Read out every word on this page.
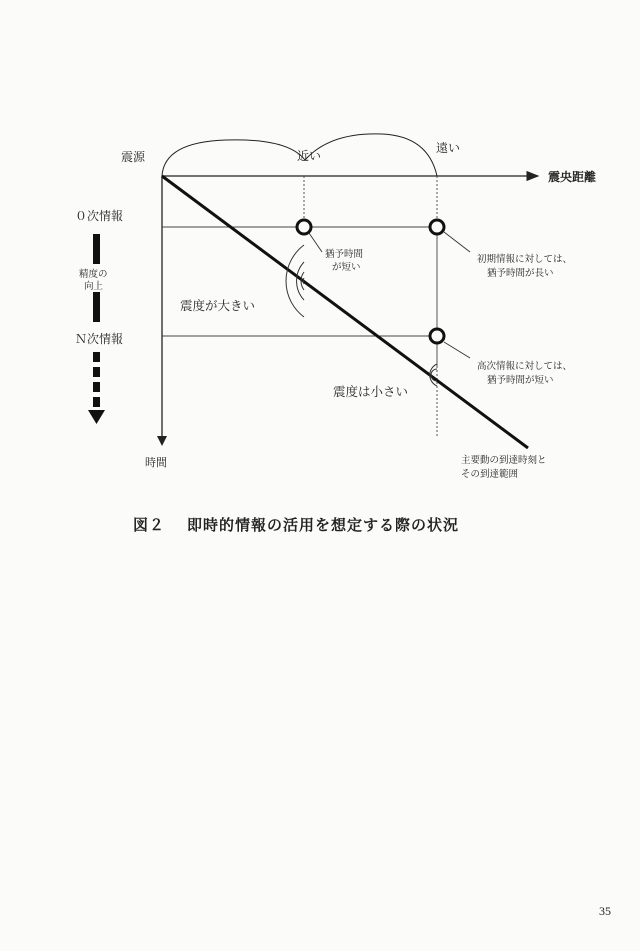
震源	近い
遠い
震央距離
時間
０次情報
精度の
向上
Ｎ次情報
猶予時間
が短い
震度が大きい
初期情報に対しては、
猶予時間が長い
高次情報に対しては、
猶予時間が短い
震度は小さい
主要動の到達時刻と
その到達範囲
図２ 即時的情報の活用を想定する際の状況
35
